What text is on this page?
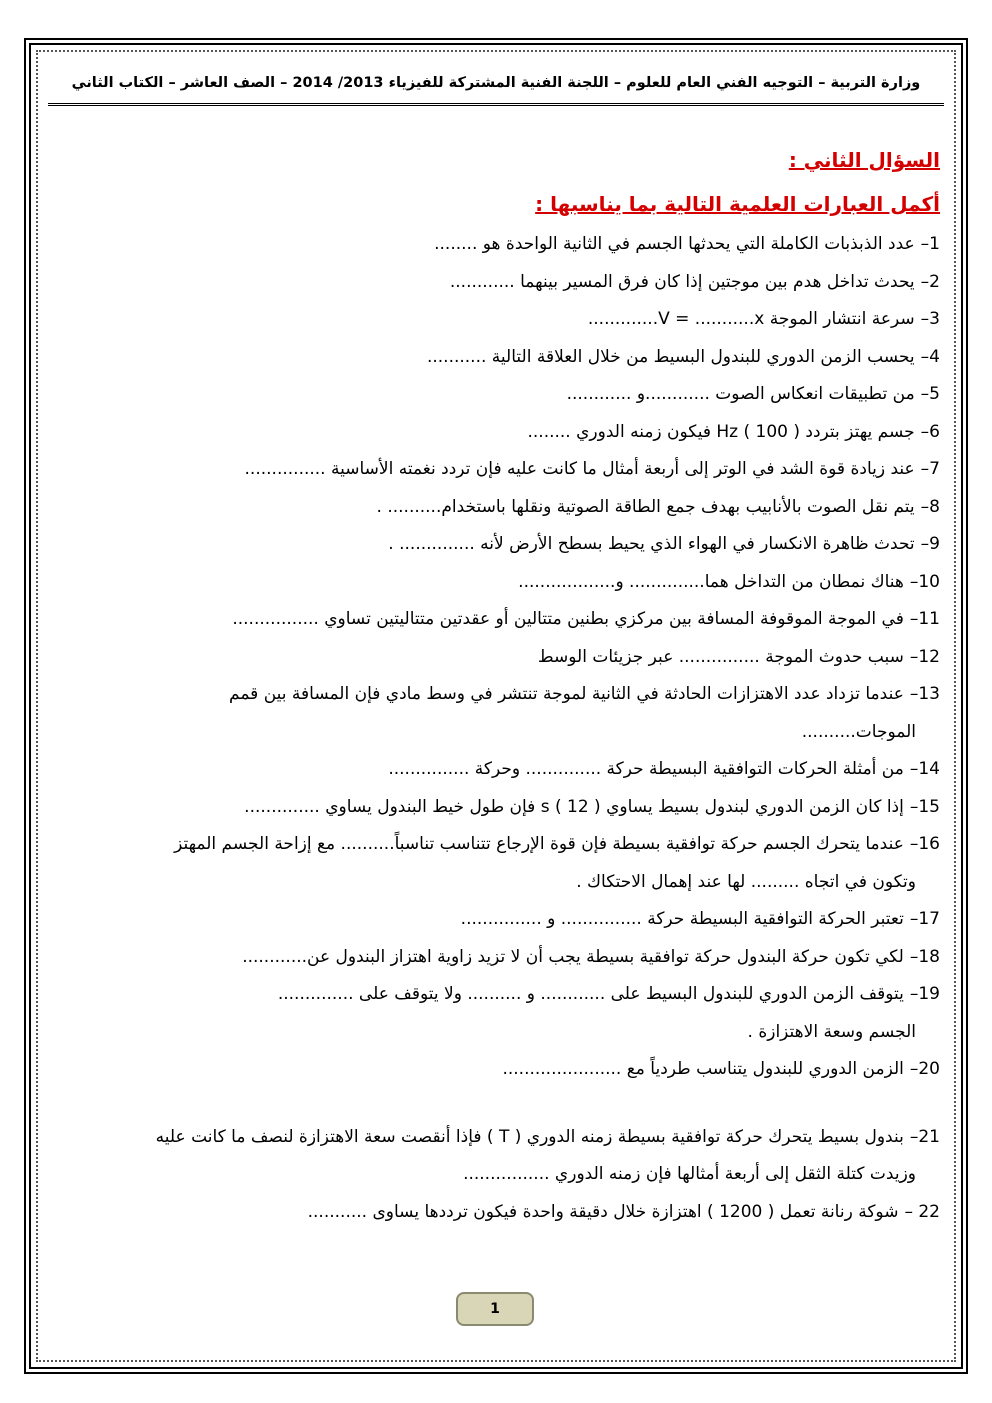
وزارة التربية – التوجيه الفني العام للعلوم – اللجنة الفنية المشتركة للفيزياء 2013/ 2014 – الصف العاشر – الكتاب الثاني
السؤال الثاني :
أكمل العبارات العلمية التالية بما يناسبها :
1–عدد الذبذبات الكاملة التي يحدثها الجسم في الثانية الواحدة هو ........
2–يحدث تداخل هدم بين موجتين إذا كان فرق المسير بينهما ............
3–سرعة انتشار الموجة V = ...........x.............
4–يحسب الزمن الدوري للبندول البسيط من خلال العلاقة التالية ...........
5–من تطبيقات انعكاس الصوت ............و ............
6–جسم يهتز بتردد Hz ( 100 ) فيكون زمنه الدوري ........
7–عند زيادة قوة الشد في الوتر إلى أربعة أمثال ما كانت عليه فإن تردد نغمته الأساسية ...............
8–يتم نقل الصوت بالأنابيب بهدف جمع الطاقة الصوتية ونقلها باستخدام.......... .
9–تحدث ظاهرة الانكسار في الهواء الذي يحيط بسطح الأرض لأنه .............. .
10–هناك نمطان من التداخل هما.............. و..................
11–في الموجة الموقوفة المسافة بين مركزي بطنين متتالين أو عقدتين متتاليتين تساوي ................
12–سبب حدوث الموجة ............... عبر جزيئات الوسط
13–عندما تزداد عدد الاهتزازات الحادثة في الثانية لموجة تنتشر في وسط مادي فإن المسافة بين قمم
الموجات..........
14–من أمثلة الحركات التوافقية البسيطة حركة .............. وحركة ...............
15–إذا كان الزمن الدوري لبندول بسيط يساوي s ( 12 ) فإن طول خيط البندول يساوي ..............
16–عندما يتحرك الجسم حركة توافقية بسيطة فإن قوة الإرجاع تتناسب تناسباً.......... مع إزاحة الجسم المهتز
وتكون في اتجاه ......... لها عند إهمال الاحتكاك .
17–تعتبر الحركة التوافقية البسيطة حركة ............... و ...............
18–لكي تكون حركة البندول حركة توافقية بسيطة يجب أن لا تزيد زاوية اهتزاز البندول عن............
19–يتوقف الزمن الدوري للبندول البسيط على ............ و .......... ولا يتوقف على ..............
الجسم وسعة الاهتزازة .
20–الزمن الدوري للبندول يتناسب طردياً مع ......................
21–بندول بسيط يتحرك حركة توافقية بسيطة زمنه الدوري ( T ) فإذا أنقصت سعة الاهتزازة لنصف ما كانت عليه
وزيدت كتلة الثقل إلى أربعة أمثالها فإن زمنه الدوري ................
22 –شوكة رنانة تعمل ( 1200 ) اهتزازة خلال دقيقة واحدة فيكون ترددها يساوى ...........
1
